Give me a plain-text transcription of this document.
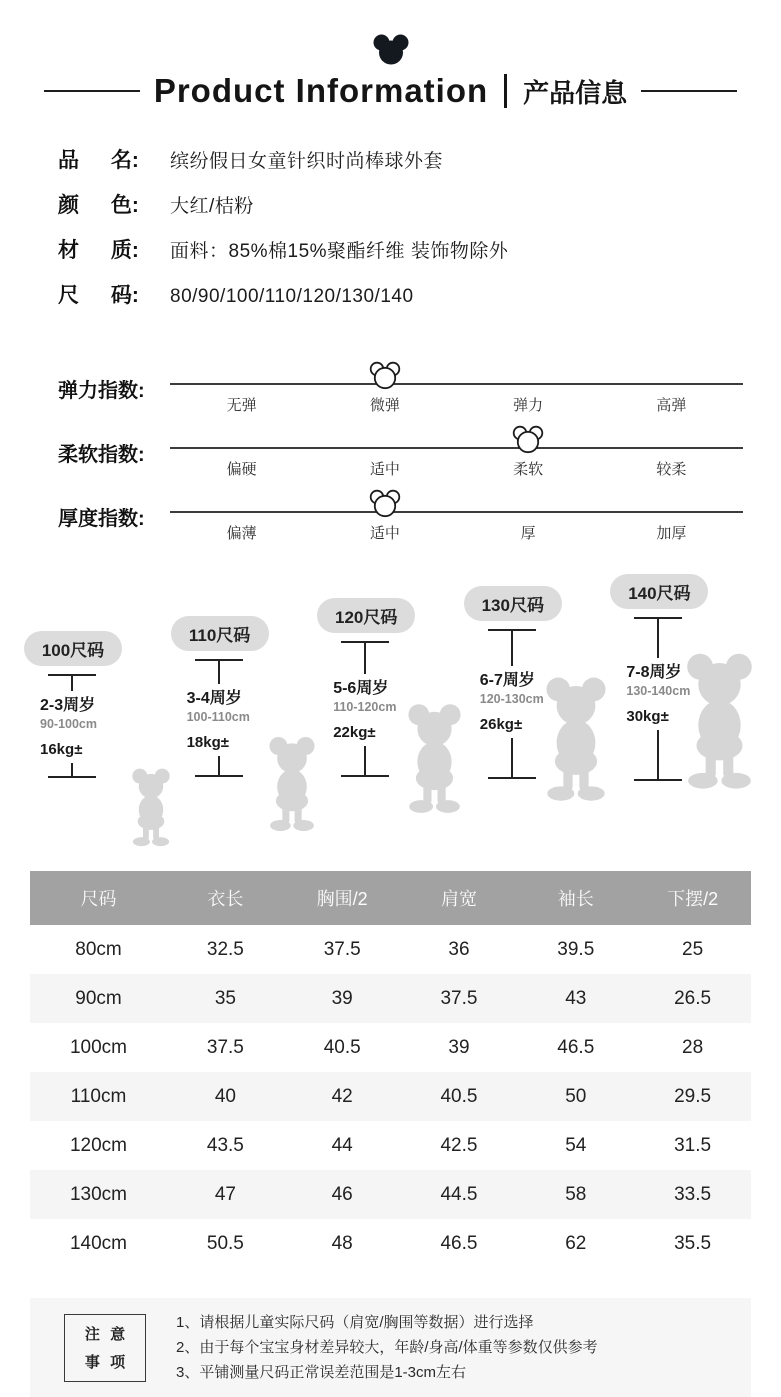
Product Information 产品信息
品 名:	缤纷假日女童针织时尚棒球外套
颜 色:	大红/桔粉
材 质:	面料：85%棉15%聚酯纤维 装饰物除外
尺 码:	80/90/100/110/120/130/140
弹力指数:
无弹	微弹	弹力	高弹
柔软指数:
偏硬	适中	柔软	较柔
厚度指数:
偏薄	适中	厚	加厚
100尺码
2-3周岁
90-100cm
16kg±
110尺码
3-4周岁
100-110cm
18kg±
120尺码
5-6周岁
110-120cm
22kg±
130尺码
6-7周岁
120-130cm
26kg±
140尺码
7-8周岁
130-140cm
30kg±
尺码	衣长	胸围/2	肩宽	袖长	下摆/2
80cm	32.5	37.5	36	39.5	25
90cm	35	39	37.5	43	26.5
100cm	37.5	40.5	39	46.5	28
110cm	40	42	40.5	50	29.5
120cm	43.5	44	42.5	54	31.5
130cm	47	46	44.5	58	33.5
140cm	50.5	48	46.5	62	35.5
注 意
事 项
1、请根据儿童实际尺码（肩宽/胸围等数据）进行选择
2、由于每个宝宝身材差异较大，年龄/身高/体重等参数仅供参考
3、平铺测量尺码正常误差范围是1-3cm左右
